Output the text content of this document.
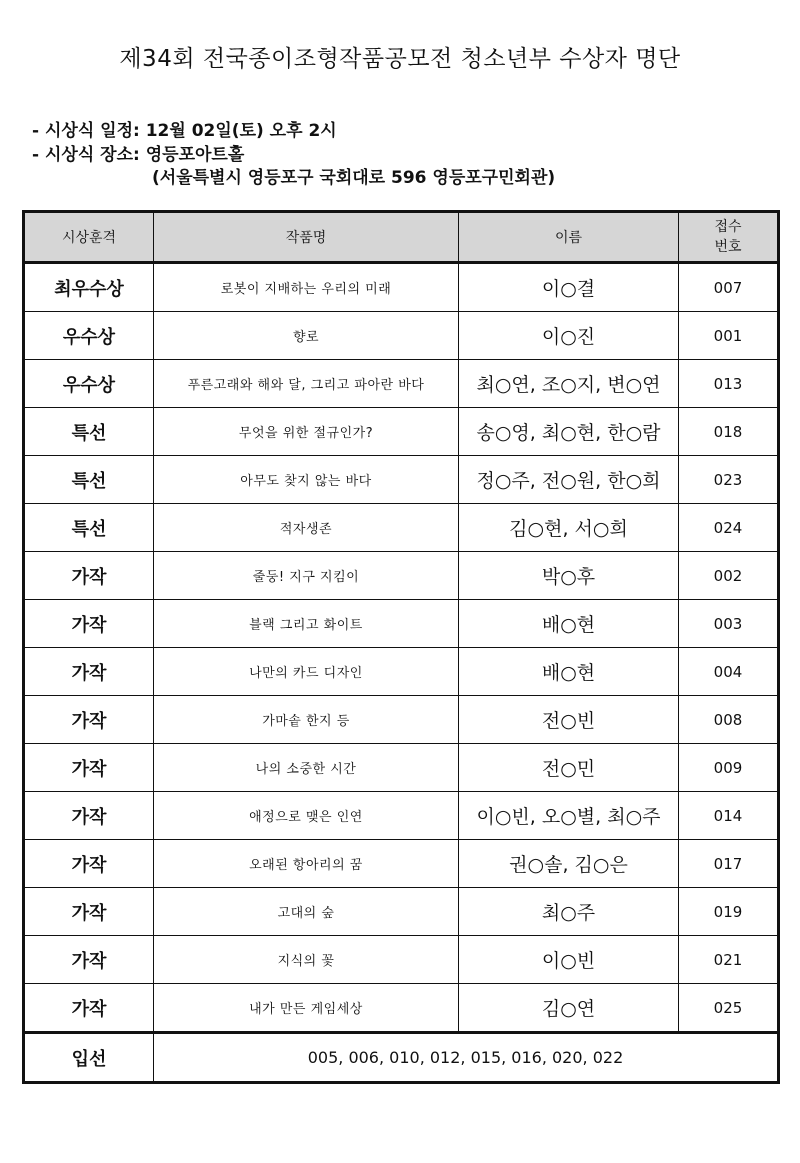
제34회 전국종이조형작품공모전 청소년부 수상자 명단
- 시상식 일정: 12월 02일(토) 오후 2시
- 시상식 장소: 영등포아트홀
(서울특별시 영등포구 국회대로 596 영등포구민회관)
시상훈격	작품명	이름	접수
번호

최우수상	로봇이 지배하는 우리의 미래	이○결	007
우수상	향로	이○진	001
우수상	푸른고래와 해와 달, 그리고 파아란 바다	최○연, 조○지, 변○연	013
특선	무엇을 위한 절규인가?	송○영, 최○현, 한○람	018
특선	아무도 찾지 않는 바다	정○주, 전○원, 한○희	023
특선	적자생존	김○현, 서○희	024
가작	줄둥! 지구 지킴이	박○후	002
가작	블랙 그리고 화이트	배○현	003
가작	나만의 카드 디자인	배○현	004
가작	가마솥 한지 등	전○빈	008
가작	나의 소중한 시간	전○민	009
가작	애정으로 맺은 인연	이○빈, 오○별, 최○주	014
가작	오래된 항아리의 꿈	권○솔, 김○은	017
가작	고대의 숲	최○주	019
가작	지식의 꽃	이○빈	021
가작	내가 만든 게임세상	김○연	025
입선	005, 006, 010, 012, 015, 016, 020, 022		
